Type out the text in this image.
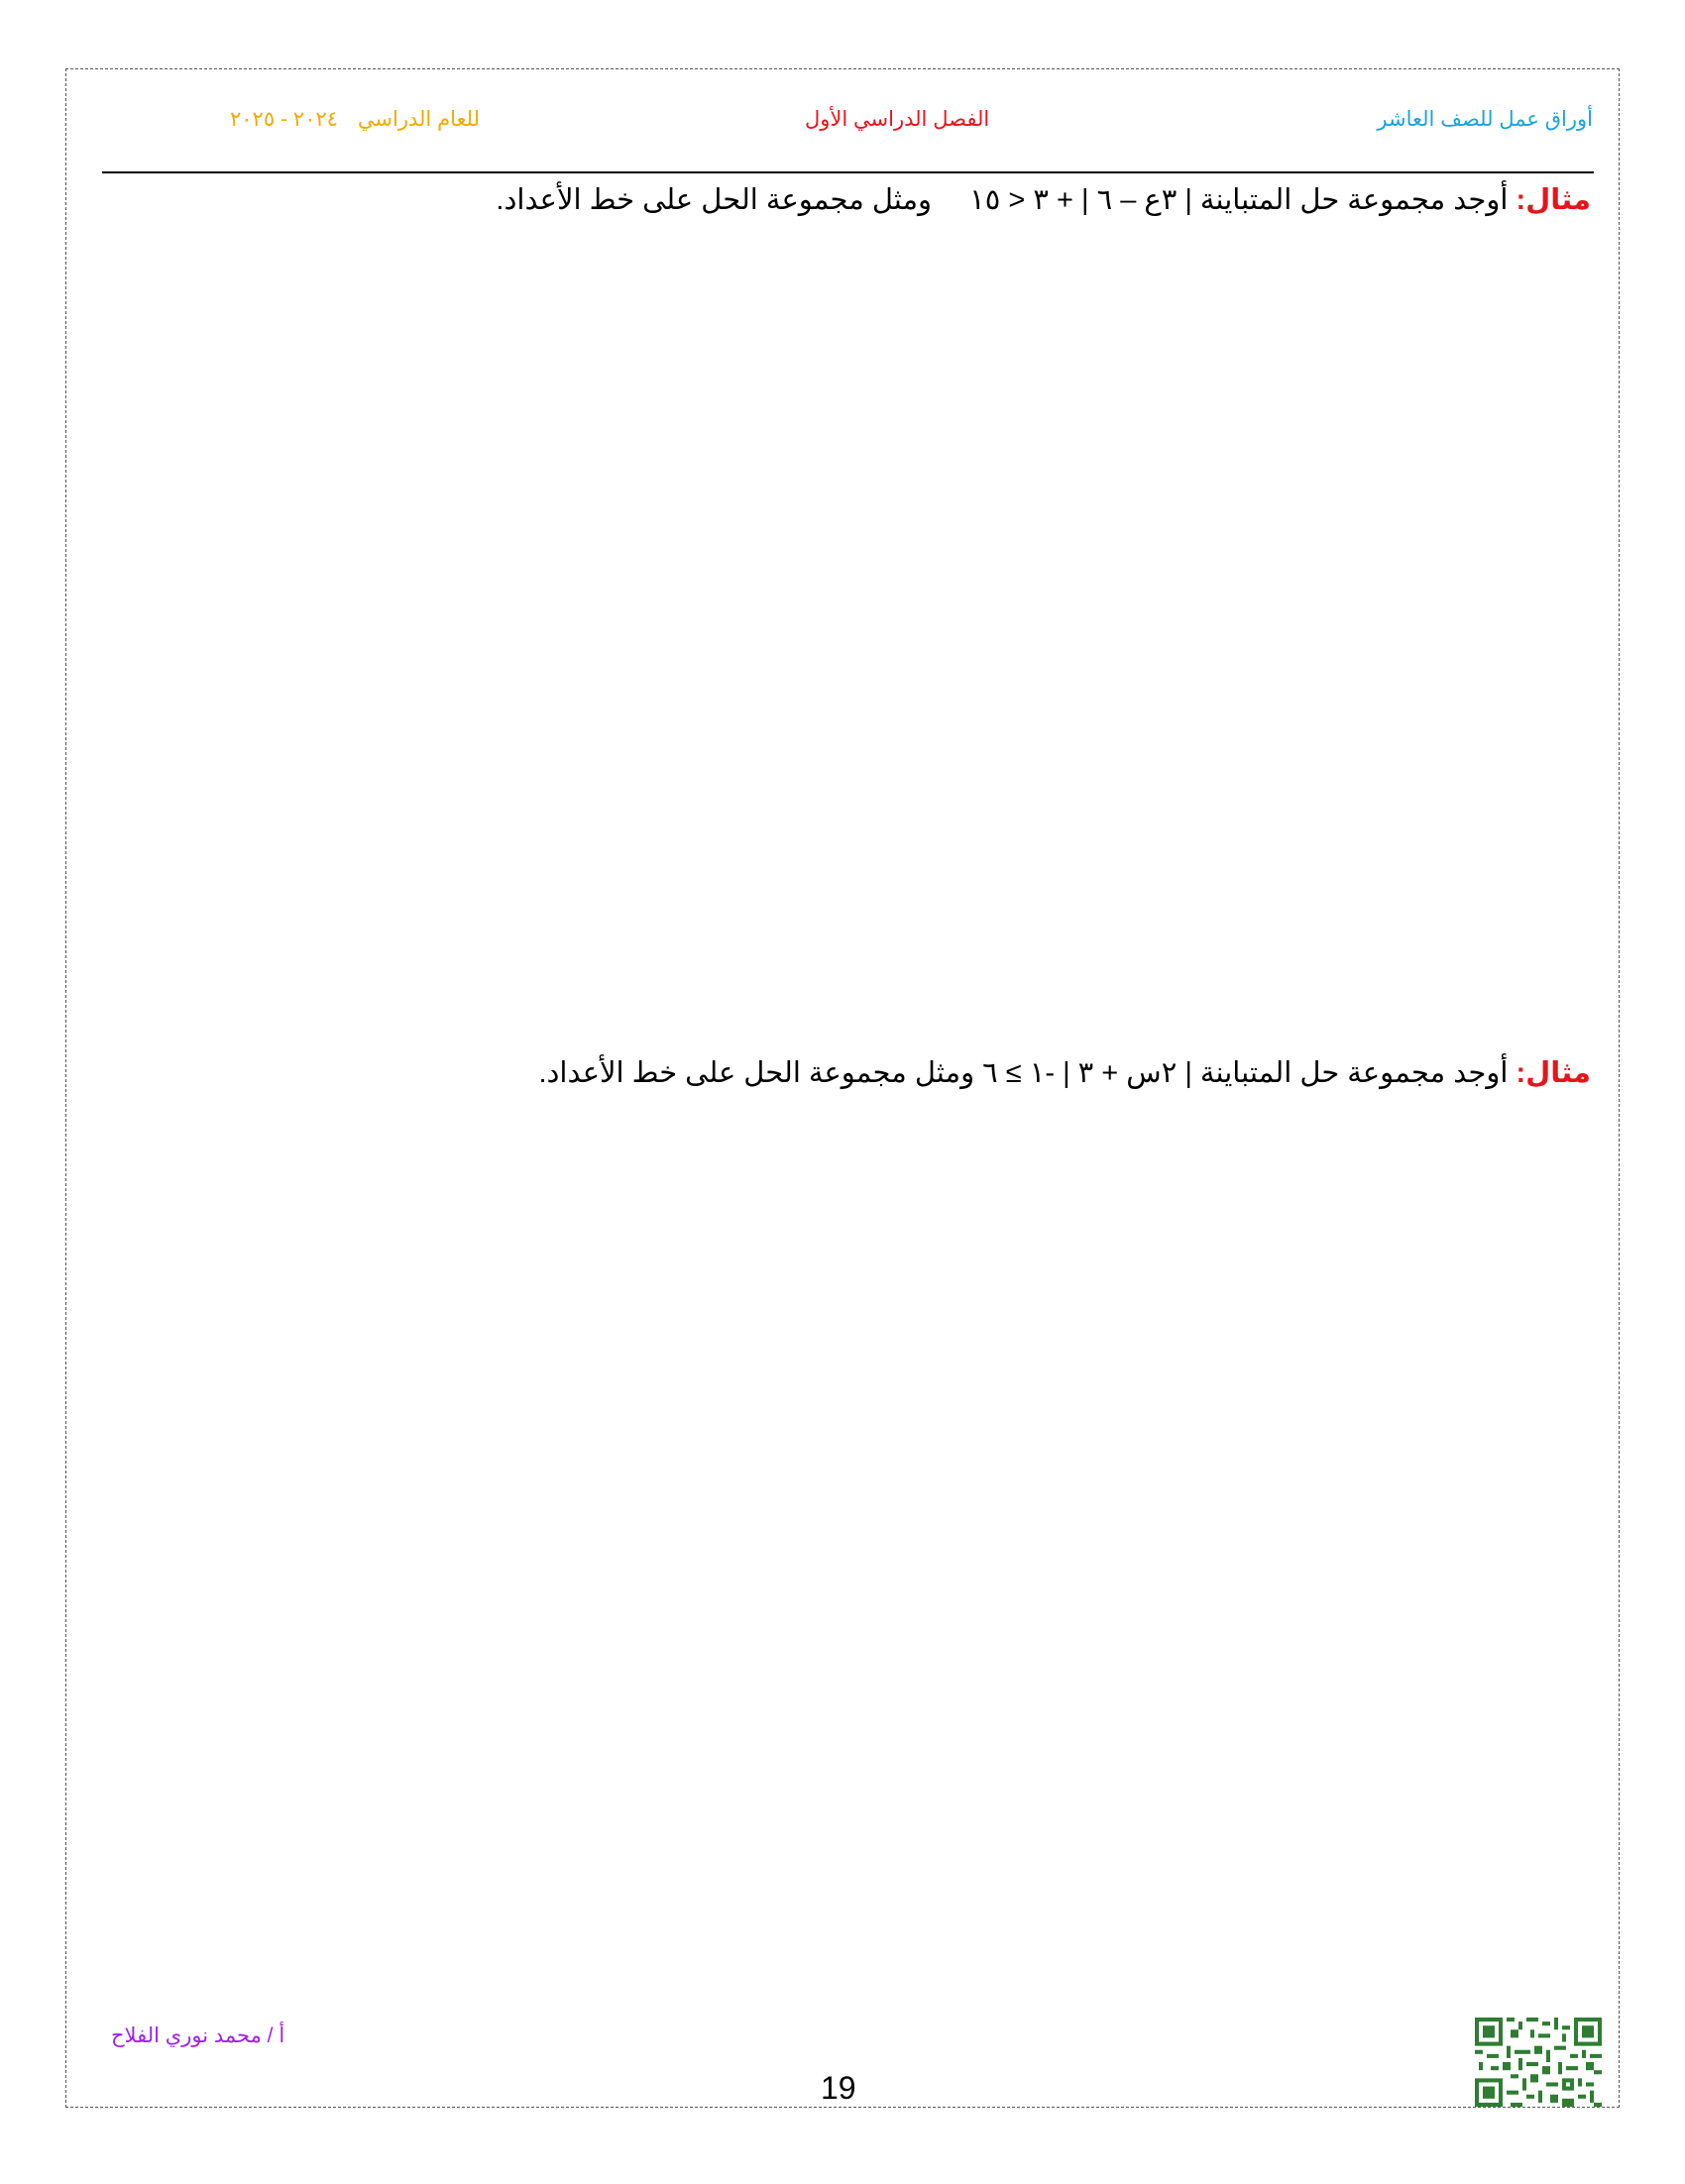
أوراق عمل للصف العاشر
الفصل الدراسي الأول
للعام الدراسي٢٠٢٤ - ٢٠٢٥
مثال: أوجد مجموعة حل المتباينة | ٣ع – ٦ | + ٣ < ١٥ ومثل مجموعة الحل على خط الأعداد.
مثال: أوجد مجموعة حل المتباينة | ٢س + ٣ | -١ ≥ ٦ ومثل مجموعة الحل على خط الأعداد.
أ / محمد نوري الفلاح
19
